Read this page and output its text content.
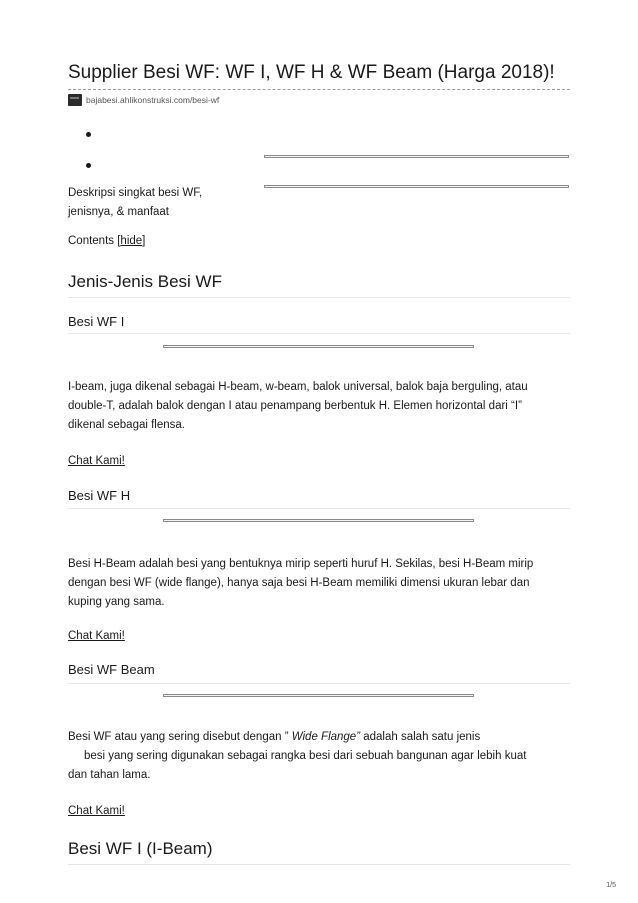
Supplier Besi WF: WF I, WF H & WF Beam (Harga 2018)!
bajabesi.ahlikonstruksi.com/besi-wf

Deskripsi singkat besi WF,

jenisnya, & manfaat

Contents [hide]
Jenis-Jenis Besi WF
Besi WF I

I-beam, juga dikenal sebagai H-beam, w-beam, balok universal, balok baja berguling, atau

double-T, adalah balok dengan I atau penampang berbentuk H. Elemen horizontal dari “I”

dikenal sebagai flensa.

Chat Kami!

Besi WF H

Besi H-Beam adalah besi yang bentuknya mirip seperti huruf H. Sekilas, besi H-Beam mirip

dengan besi WF (wide flange), hanya saja besi H-Beam memiliki dimensi ukuran lebar dan

kuping yang sama.

Chat Kami!

Besi WF Beam

Besi WF atau yang sering disebut dengan ” Wide Flange” adalah salah satu jenis

besi yang sering digunakan sebagai rangka besi dari sebuah bangunan agar lebih kuat

dan tahan lama.

Chat Kami!

Besi WF I (I-Beam)
1/5
